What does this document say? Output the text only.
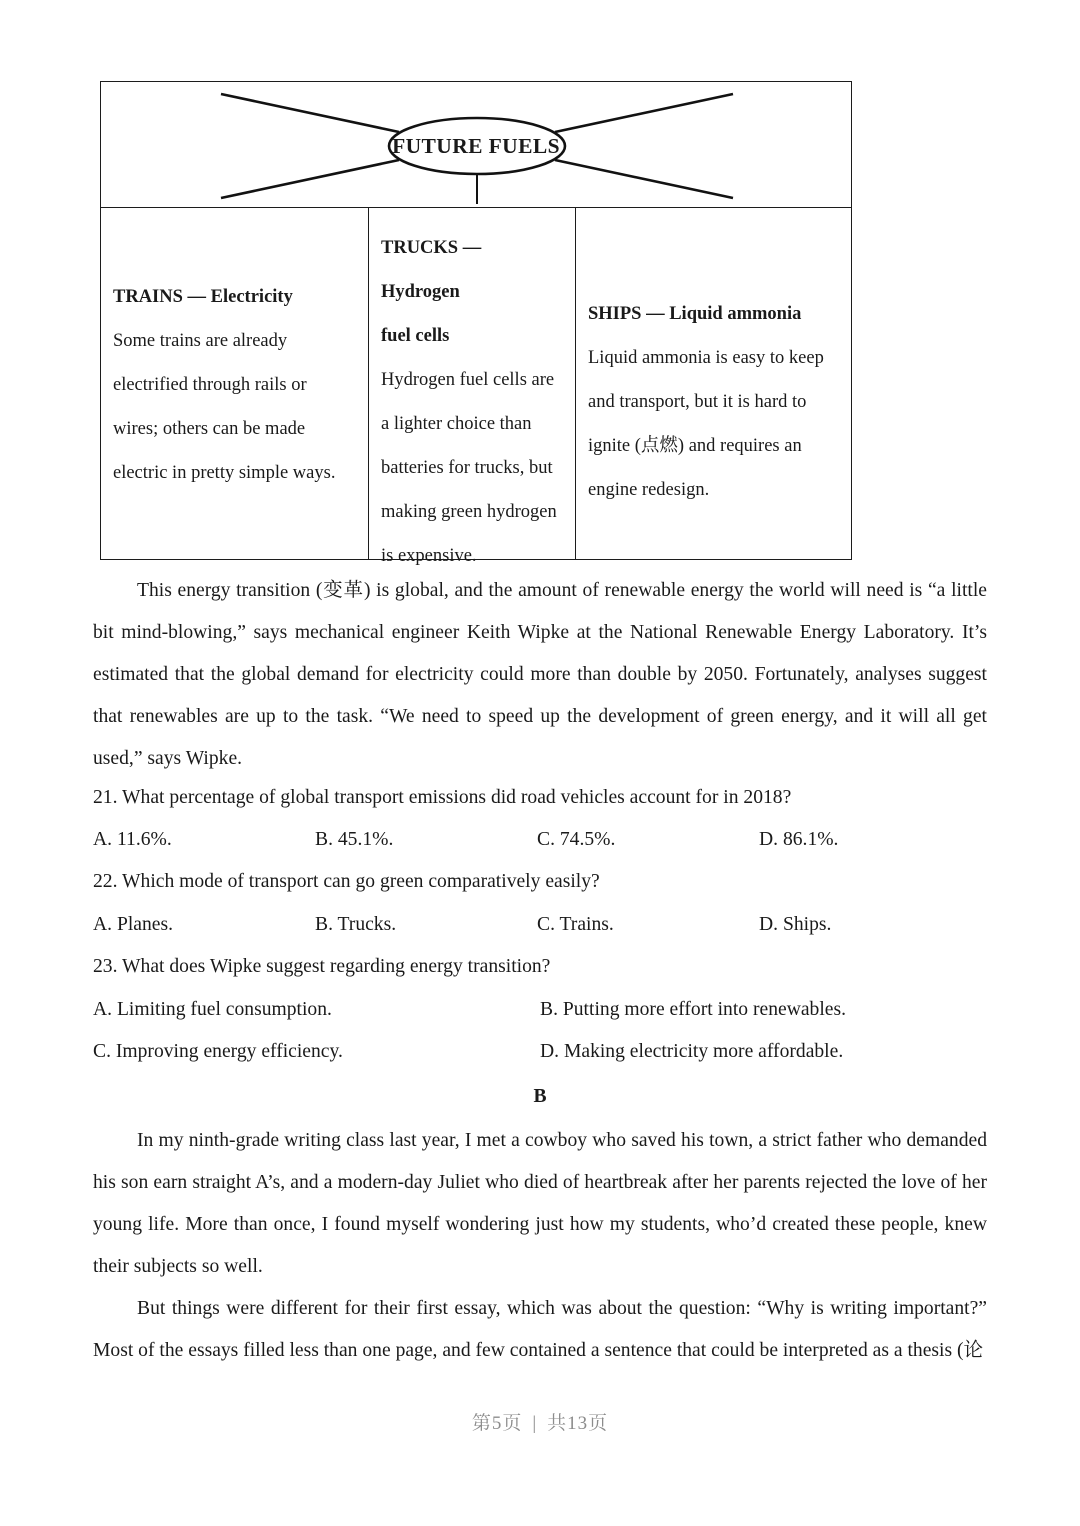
FUTURE FUELS
TRAINS — Electricity
Some trains are already electrified through rails or wires; others can be made electric in pretty simple ways.
TRUCKS —
Hydrogen
fuel cells
Hydrogen fuel cells are a lighter choice than batteries for trucks, but making green hydrogen is expensive.
SHIPS — Liquid ammonia
Liquid ammonia is easy to keep and transport, but it is hard to ignite (点燃) and requires an engine redesign.
This energy transition (变革) is global, and the amount of renewable energy the world will need is “a little bit mind-blowing,” says mechanical engineer Keith Wipke at the National Renewable Energy Laboratory. It’s estimated that the global demand for electricity could more than double by 2050. Fortunately, analyses suggest that renewables are up to the task. “We need to speed up the development of green energy, and it will all get used,” says Wipke.
21. What percentage of global transport emissions did road vehicles account for in 2018?
A. 11.6%.	B. 45.1%.	C. 74.5%.	D. 86.1%.
22. Which mode of transport can go green comparatively easily?
A. Planes.	B. Trucks.	C. Trains.	D. Ships.
23. What does Wipke suggest regarding energy transition?
A. Limiting fuel consumption.	B. Putting more effort into renewables.
C. Improving energy efficiency.	D. Making electricity more affordable.
B
In my ninth-grade writing class last year, I met a cowboy who saved his town, a strict father who demanded his son earn straight A’s, and a modern-day Juliet who died of heartbreak after her parents rejected the love of her young life. More than once, I found myself wondering just how my students, who’d created these people, knew their subjects so well.
But things were different for their first essay, which was about the question: “Why is writing important?” Most of the essays filled less than one page, and few contained a sentence that could be interpreted as a thesis (论
第5页 | 共13页
